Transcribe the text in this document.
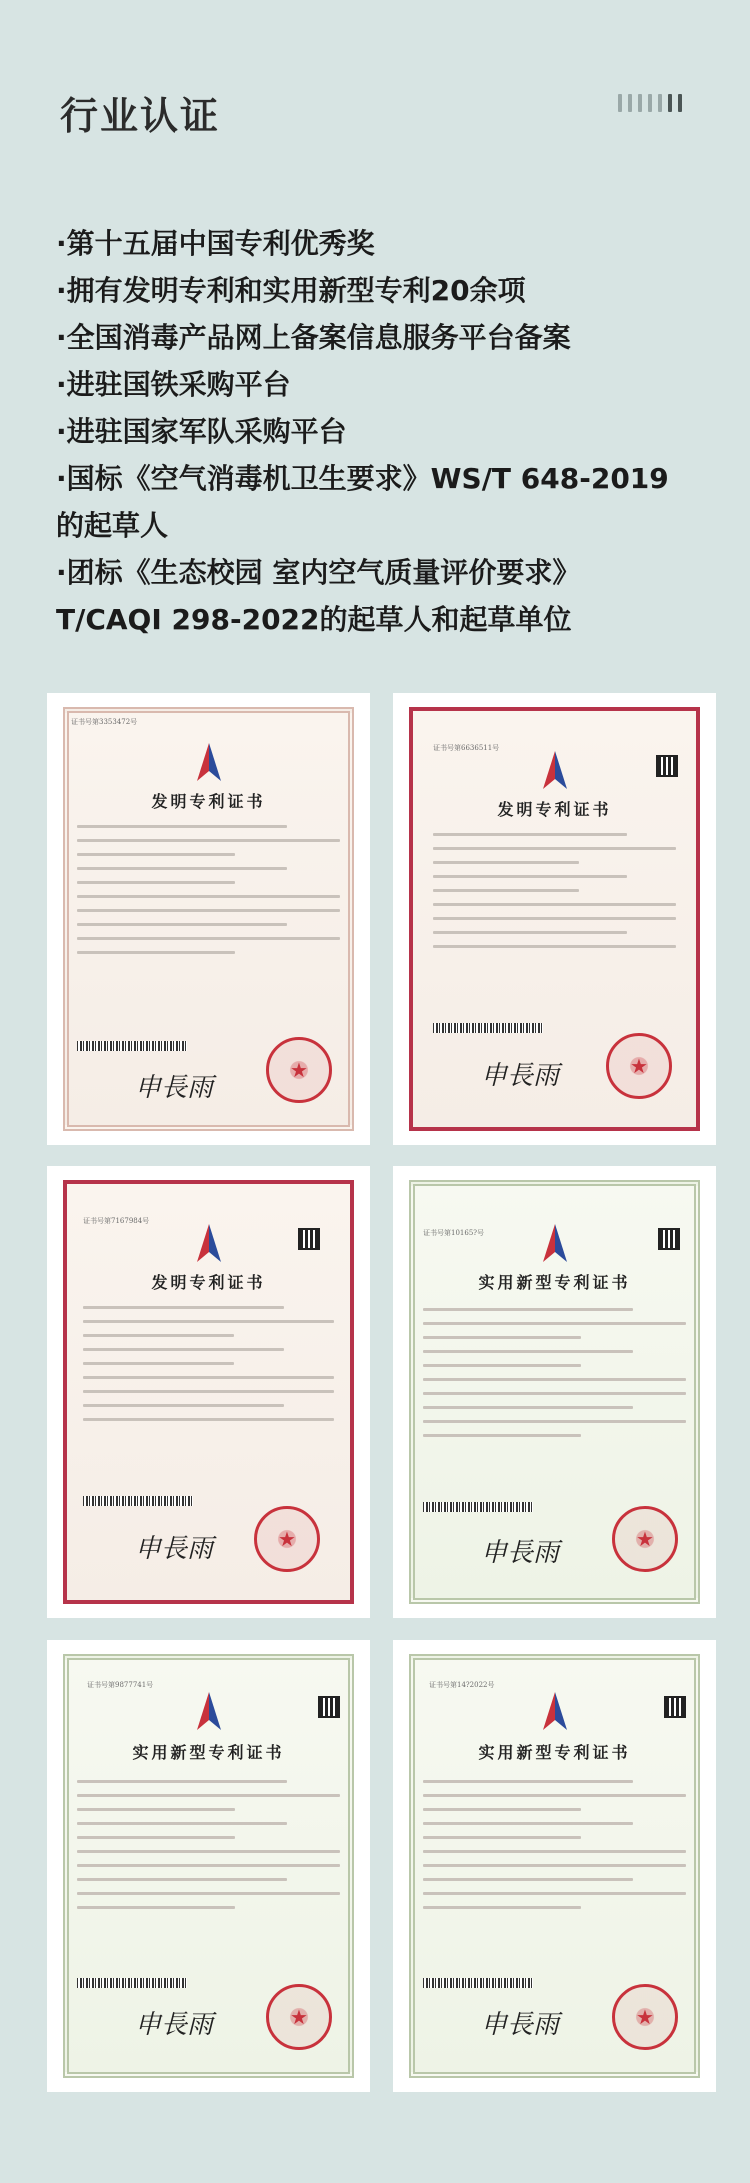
行业认证
·第十五届中国专利优秀奖
·拥有发明专利和实用新型专利20余项
·全国消毒产品网上备案信息服务平台备案
·进驻国铁采购平台
·进驻国家军队采购平台
·国标《空气消毒机卫生要求》WS/T 648-2019
的起草人
·团标《生态校园 室内空气质量评价要求》
T/CAQI 298-2022的起草人和起草单位
证书号第3353472号
发明专利证书
申長雨
★
证书号第6636511号
发明专利证书
申長雨
★
证书号第7167984号
发明专利证书
申長雨
★
证书号第10165?号
实用新型专利证书
申長雨
★
证书号第9877741号
实用新型专利证书
申長雨
★
证书号第14?2022号
实用新型专利证书
申長雨
★
